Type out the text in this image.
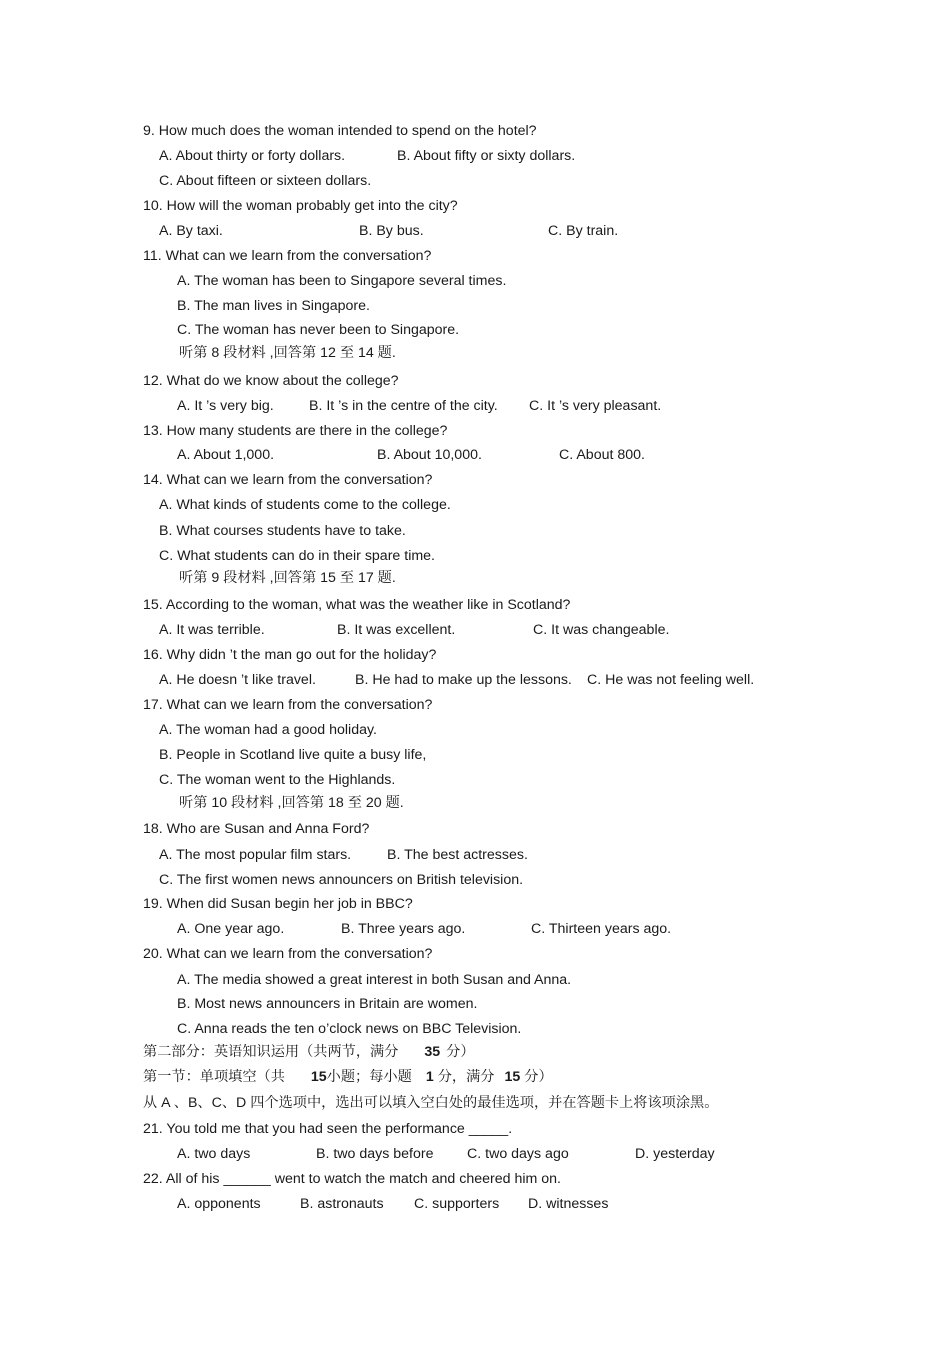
9. How much does the woman intended to spend on the hotel?
A. About thirty or forty dollars.	B. About fifty or sixty dollars.
C. About fifteen or sixteen dollars.
10. How will the woman probably get into the city?
A. By taxi.	B. By bus.	C. By train.
11. What can we learn from the conversation?
A. The woman has been to Singapore several times.
B. The man lives in Singapore.
C. The woman has never been to Singapore.
听第 8 段材料 ,回答第 12 至 14 题.
12. What do we know about the college?
A. It ’s very big. B. It ’s in the centre of the city. C. It ’s very pleasant.
13. How many students are there in the college?
A. About 1,000.	B. About 10,000.	C. About 800.
14. What can we learn from the conversation?
A. What kinds of students come to the college.
B. What courses students have to take.
C. What students can do in their spare time.
听第 9 段材料 ,回答第 15 至 17 题.
15. According to the woman, what was the weather like in Scotland?
A. It was terrible.	B. It was excellent.	C. It was changeable.
16. Why didn ’t the man go out for the holiday?
A. He doesn ’t like travel.	B. He had to make up the lessons. C. He was not feeling well.
17. What can we learn from the conversation?
A. The woman had a good holiday.
B. People in Scotland live quite a busy life,
C. The woman went to the Highlands.
听第 10 段材料 ,回答第 18 至 20 题.
18. Who are Susan and Anna Ford?
A. The most popular film stars.	B. The best actresses.
C. The first women news announcers on British television.
19. When did Susan begin her job in BBC?
A. One year ago.	B. Three years ago.	C. Thirteen years ago.
20. What can we learn from the conversation?
A. The media showed a great interest in both Susan and Anna.
B. Most news announcers in Britain are women.
C. Anna reads the ten o’clock news on BBC Television.
第二部分：英语知识运用（共两节，满分 35 分）
第一节：单项填空（共 15小题；每小题 1 分，满分 15 分）
从 A 、B、C、D 四个选项中，选出可以填入空白处的最佳选项，并在答题卡上将该项涂黑。
21. You told me that you had seen the performance _____.
A. two days	B. two days before C. two days ago	D. yesterday
22. All of his ______ went to watch the match and cheered him on.
A. opponents	B. astronauts C. supporters D. witnesses
